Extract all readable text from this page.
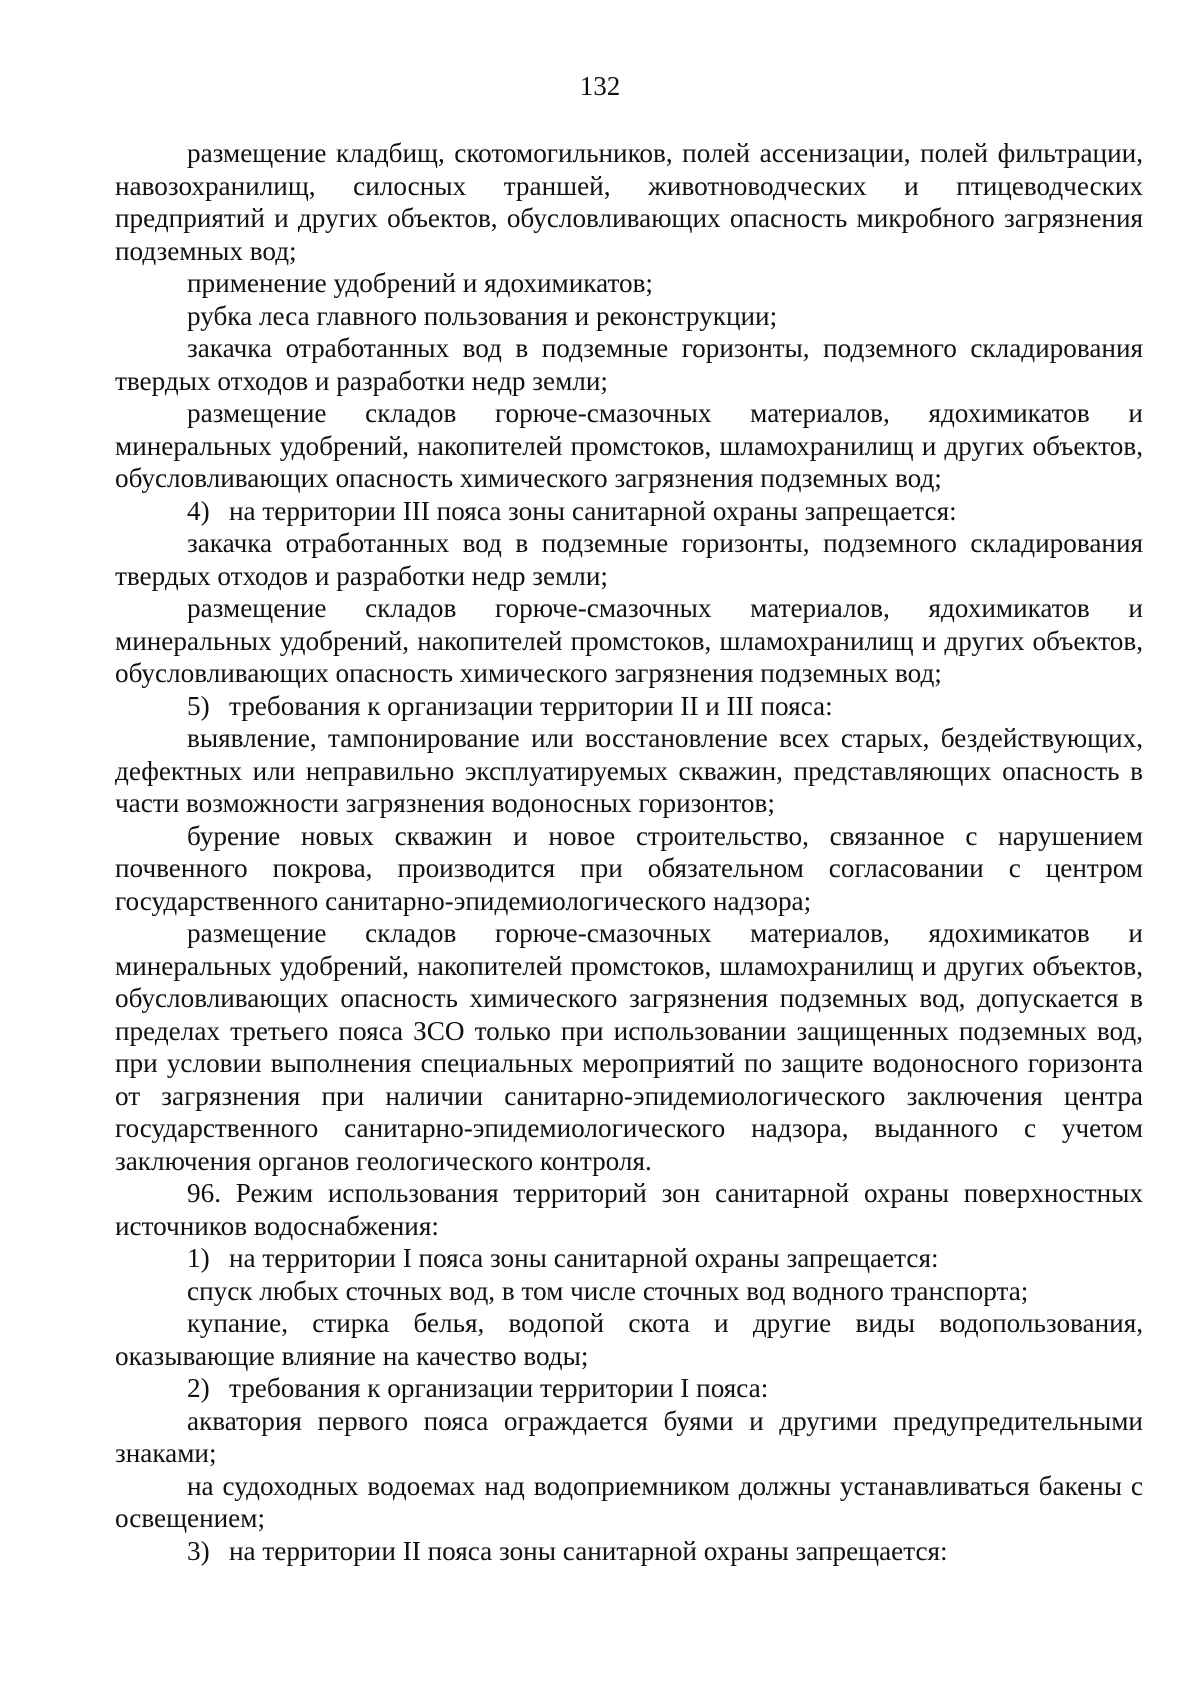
132

размещение кладбищ, скотомогильников, полей ассенизации, полей фильтрации, навозохранилищ, силосных траншей, животноводческих и птицеводческих предприятий и других объектов, обусловливающих опасность микробного загрязнения подземных вод;

применение удобрений и ядохимикатов;

рубка леса главного пользования и реконструкции;

закачка отработанных вод в подземные горизонты, подземного складирования твердых отходов и разработки недр земли;

размещение складов горюче-смазочных материалов, ядохимикатов и минеральных удобрений, накопителей промстоков, шламохранилищ и других объектов, обусловливающих опасность химического загрязнения подземных вод;

4) на территории III пояса зоны санитарной охраны запрещается:

закачка отработанных вод в подземные горизонты, подземного складирования твердых отходов и разработки недр земли;

размещение складов горюче-смазочных материалов, ядохимикатов и минеральных удобрений, накопителей промстоков, шламохранилищ и других объектов, обусловливающих опасность химического загрязнения подземных вод;

5) требования к организации территории II и III пояса:

выявление, тампонирование или восстановление всех старых, бездействующих, дефектных или неправильно эксплуатируемых скважин, представляющих опасность в части возможности загрязнения водоносных горизонтов;

бурение новых скважин и новое строительство, связанное с нарушением почвенного покрова, производится при обязательном согласовании с центром государственного санитарно-эпидемиологического надзора;

размещение складов горюче-смазочных материалов, ядохимикатов и минеральных удобрений, накопителей промстоков, шламохранилищ и других объектов, обусловливающих опасность химического загрязнения подземных вод, допускается в пределах третьего пояса ЗСО только при использовании защищенных подземных вод, при условии выполнения специальных мероприятий по защите водоносного горизонта от загрязнения при наличии санитарно-эпидемиологического заключения центра государственного санитарно-эпидемиологического надзора, выданного с учетом заключения органов геологического контроля.

96. Режим использования территорий зон санитарной охраны поверхностных источников водоснабжения:

1) на территории I пояса зоны санитарной охраны запрещается:

спуск любых сточных вод, в том числе сточных вод водного транспорта;

купание, стирка белья, водопой скота и другие виды водопользования, оказывающие влияние на качество воды;

2) требования к организации территории I пояса:

акватория первого пояса ограждается буями и другими предупредительными знаками;

на судоходных водоемах над водоприемником должны устанавливаться бакены с освещением;

3) на территории II пояса зоны санитарной охраны запрещается:
